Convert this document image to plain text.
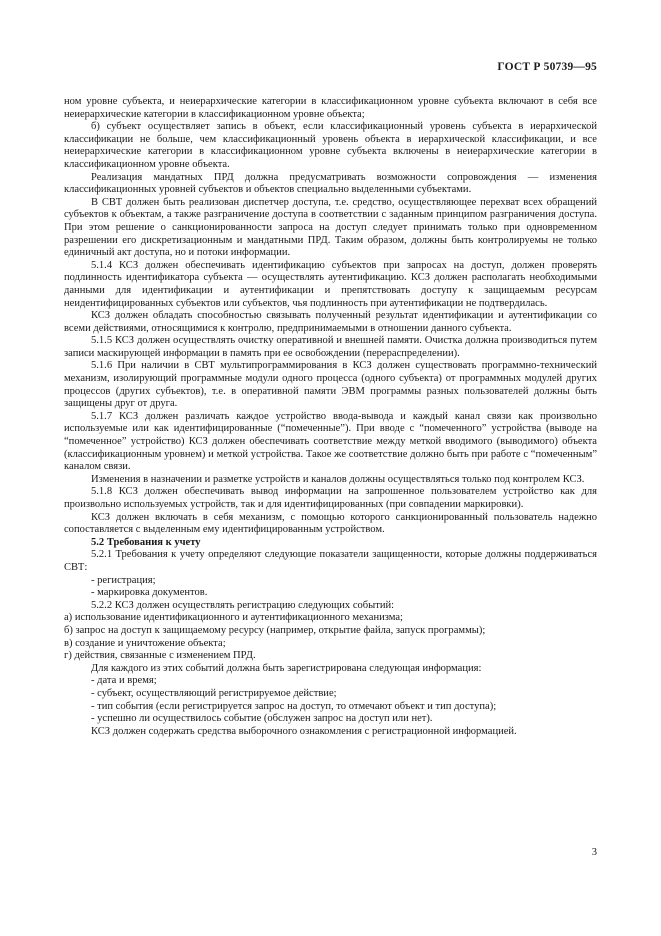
ГОСТ Р 50739—95

ном уровне субъекта, и неиерархические категории в классификационном уровне субъекта включают в себя все неиерархические категории в классификационном уровне объекта;

б) субъект осуществляет запись в объект, если классификационный уровень субъекта в иерархической классификации не больше, чем классификационный уровень объекта в иерархической классификации, и все неиерархические категории в классификационном уровне субъекта включены в неиерархические категории в классификационном уровне объекта.

Реализация мандатных ПРД должна предусматривать возможности сопровождения — изменения классификационных уровней субъектов и объектов специально выделенными субъектами.

В СВТ должен быть реализован диспетчер доступа, т.е. средство, осуществляющее перехват всех обращений субъектов к объектам, а также разграничение доступа в соответствии с заданным принципом разграничения доступа. При этом решение о санкционированности запроса на доступ следует принимать только при одновременном разрешении его дискретизационным и мандатными ПРД. Таким образом, должны быть контролируемы не только единичный акт доступа, но и потоки информации.

5.1.4 КСЗ должен обеспечивать идентификацию субъектов при запросах на доступ, должен проверять подлинность идентификатора субъекта — осуществлять аутентификацию. КСЗ должен располагать необходимыми данными для идентификации и аутентификации и препятствовать доступу к защищаемым ресурсам неидентифицированных субъектов или субъектов, чья подлинность при аутентификации не подтвердилась.

КСЗ должен обладать способностью связывать полученный результат идентификации и аутентификации со всеми действиями, относящимися к контролю, предпринимаемыми в отношении данного субъекта.

5.1.5 КСЗ должен осуществлять очистку оперативной и внешней памяти. Очистка должна производиться путем записи маскирующей информации в память при ее освобождении (перераспределении).

5.1.6 При наличии в СВТ мультипрограммирования в КСЗ должен существовать программно-технический механизм, изолирующий программные модули одного процесса (одного субъекта) от программных модулей других процессов (других субъектов), т.е. в оперативной памяти ЭВМ программы разных пользователей должны быть защищены друг от друга.

5.1.7 КСЗ должен различать каждое устройство ввода-вывода и каждый канал связи как произвольно используемые или как идентифицированные (“помеченные”). При вводе с “помеченного” устройства (выводе на “помеченное” устройство) КСЗ должен обеспечивать соответствие между меткой вводимого (выводимого) объекта (классификационным уровнем) и меткой устройства. Такое же соответствие должно быть при работе с “помеченным” каналом связи.

Изменения в назначении и разметке устройств и каналов должны осуществляться только под контролем КСЗ.

5.1.8 КСЗ должен обеспечивать вывод информации на запрошенное пользователем устройство как для произвольно используемых устройств, так и для идентифицированных (при совпадении маркировки).

КСЗ должен включать в себя механизм, с помощью которого санкционированный пользователь надежно сопоставляется с выделенным ему идентифицированным устройством.

5.2 Требования к учету

5.2.1 Требования к учету определяют следующие показатели защищенности, которые должны поддерживаться СВТ:

- регистрация;

- маркировка документов.

5.2.2 КСЗ должен осуществлять регистрацию следующих событий:

а) использование идентификационного и аутентификационного механизма;

б) запрос на доступ к защищаемому ресурсу (например, открытие файла, запуск программы);

в) создание и уничтожение объекта;

г) действия, связанные с изменением ПРД.

Для каждого из этих событий должна быть зарегистрирована следующая информация:

- дата и время;

- субъект, осуществляющий регистрируемое действие;

- тип события (если регистрируется запрос на доступ, то отмечают объект и тип доступа);

- успешно ли осуществилось событие (обслужен запрос на доступ или нет).

КСЗ должен содержать средства выборочного ознакомления с регистрационной информацией.

3
